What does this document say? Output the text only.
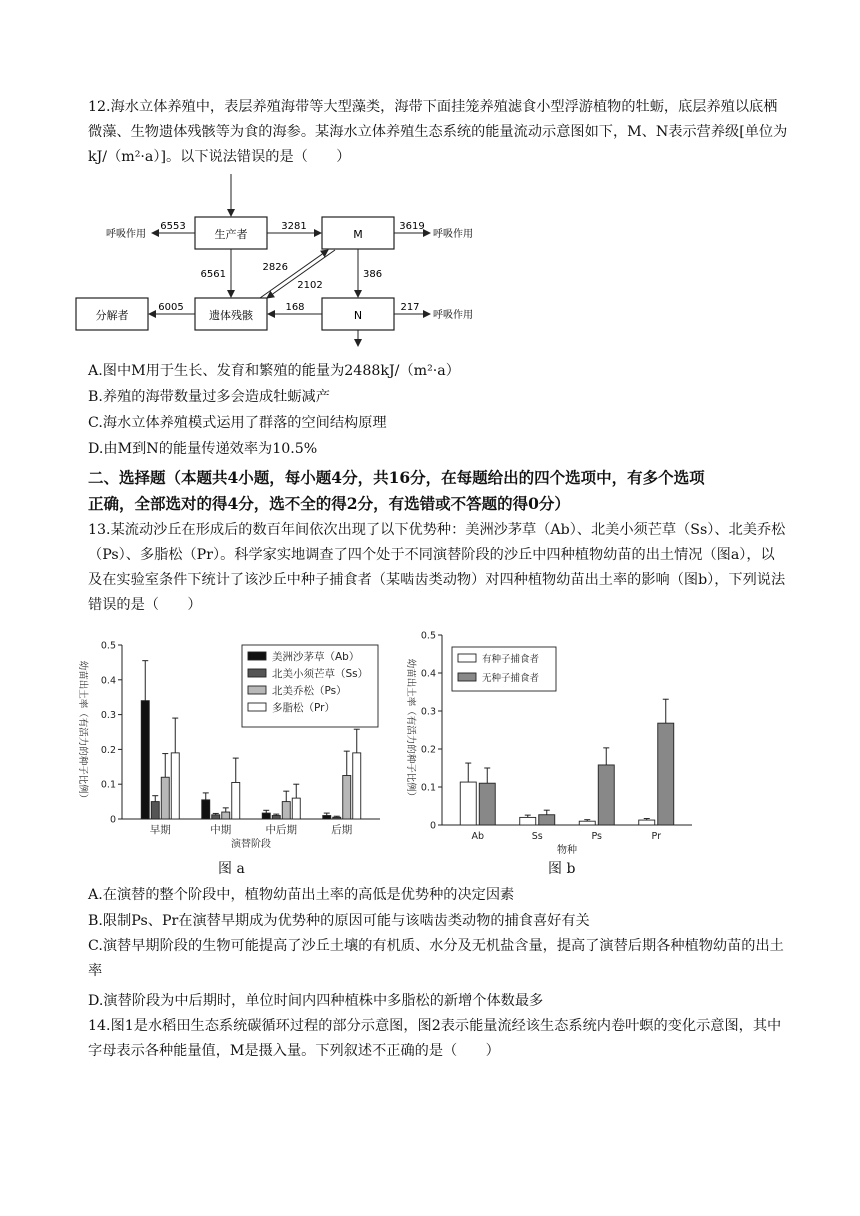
12.海水立体养殖中，表层养殖海带等大型藻类，海带下面挂笼养殖滤食小型浮游植物的牡蛎，底层养殖以底栖微藻、生物遗体残骸等为食的海参。某海水立体养殖生态系统的能量流动示意图如下，M、N表示营养级[单位为kJ/（m²·a）]。以下说法错误的是（　　）

生产者	M
遗体残骸	N
分解者
呼吸作用	呼吸作用
呼吸作用
6553	3281	3619
6561
2826
2102
386
168	217
6005

A.图中M用于生长、发育和繁殖的能量为2488kJ/（m²·a）

B.养殖的海带数量过多会造成牡蛎减产

C.海水立体养殖模式运用了群落的空间结构原理

D.由M到N的能量传递效率为10.5%

二、选择题（本题共4小题，每小题4分，共16分，在每题给出的四个选项中，有多个选项

正确，全部选对的得4分，选不全的得2分，有选错或不答题的得0分）

13.某流动沙丘在形成后的数百年间依次出现了以下优势种：美洲沙茅草（Ab）、北美小须芒草（Ss）、北美乔松（Ps）、多脂松（Pr）。科学家实地调查了四个处于不同演替阶段的沙丘中四种植物幼苗的出土情况（图a），以及在实验室条件下统计了该沙丘中种子捕食者（某啮齿类动物）对四种植物幼苗出土率的影响（图b），下列说法错误的是（　　）

0
0.1
0.2
0.3
0.4
0.5
幼苗出土率（有活力的种子比例）
早期	中期	中后期	后期
演替阶段
美洲沙茅草（Ab）
北美小须芒草（Ss）
北美乔松（Ps）
多脂松（Pr）
0
0.1
0.2
0.3
0.4
0.5
幼苗出土率（有活力的种子比例）
Ab	Ss	Ps	Pr
物种
有种子捕食者
无种子捕食者
图 a	图 b

A.在演替的整个阶段中，植物幼苗出土率的高低是优势种的决定因素

B.限制Ps、Pr在演替早期成为优势种的原因可能与该啮齿类动物的捕食喜好有关

C.演替早期阶段的生物可能提高了沙丘土壤的有机质、水分及无机盐含量，提高了演替后期各种植物幼苗的出土率

D.演替阶段为中后期时，单位时间内四种植株中多脂松的新增个体数最多

14.图1是水稻田生态系统碳循环过程的部分示意图，图2表示能量流经该生态系统内卷叶螟的变化示意图，其中字母表示各种能量值，M是摄入量。下列叙述不正确的是（　　）
